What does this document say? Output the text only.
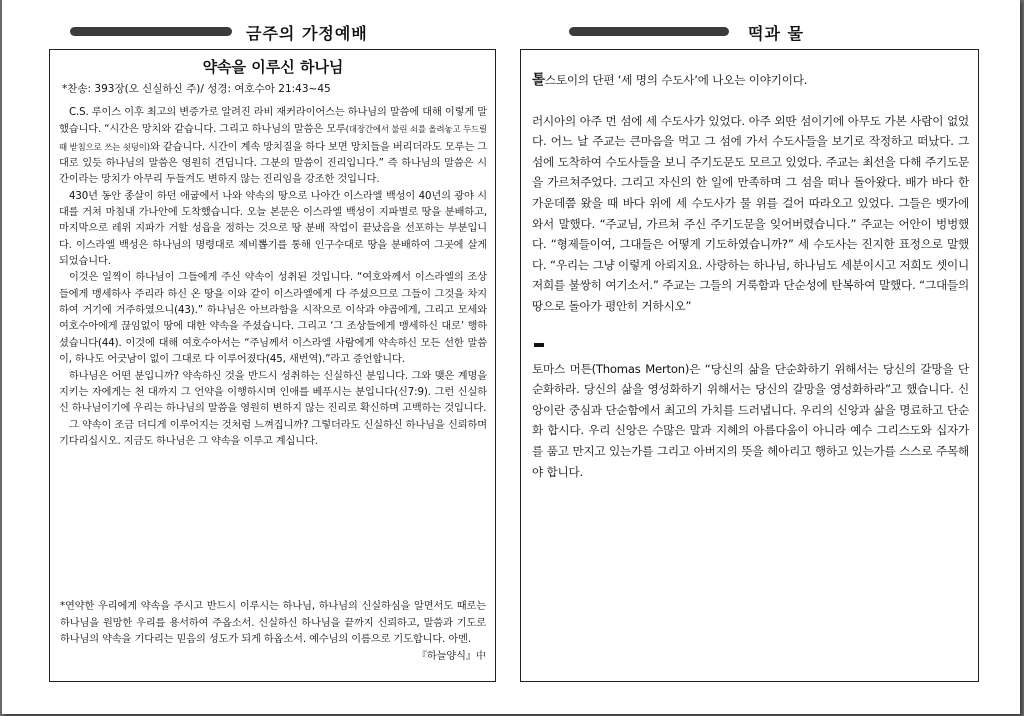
금주의 가정예배	떡과 물
약속을 이루신 하나님
*찬송: 393장(오 신실하신 주)/ 성경: 여호수아 21:43~45

C.S. 루이스 이후 최고의 변증가로 알려진 라비 재커라이어스는 하나님의 말씀에 대해 이렇게 말했습니다. “시간은 망치와 같습니다. 그리고 하나님의 말씀은 모루(대장간에서 불린 쇠를 올려놓고 두드릴 때 받침으로 쓰는 쇳덩이)와 같습니다. 시간이 계속 망치질을 하다 보면 망치들을 버리더라도 모루는 그대로 있듯 하나님의 말씀은 영원히 견딥니다. 그분의 말씀이 진리입니다.” 즉 하나님의 말씀은 시간이라는 망치가 아무리 두들겨도 변하지 않는 진리임을 강조한 것입니다.

430년 동안 종살이 하던 애굽에서 나와 약속의 땅으로 나아간 이스라엘 백성이 40년의 광야 시대를 거쳐 마침내 가나안에 도착했습니다. 오늘 본문은 이스라엘 백성이 지파별로 땅을 분배하고, 마지막으로 레위 지파가 거할 성읍을 정하는 것으로 땅 분배 작업이 끝났음을 선포하는 부분입니다. 이스라엘 백성은 하나님의 명령대로 제비뽑기를 통해 인구수대로 땅을 분배하여 그곳에 살게 되었습니다.

이것은 일찍이 하나님이 그들에게 주신 약속이 성취된 것입니다. “여호와께서 이스라엘의 조상들에게 맹세하사 주리라 하신 온 땅을 이와 같이 이스라엘에게 다 주셨으므로 그들이 그것을 차지하여 거기에 거주하였으니(43).” 하나님은 아브라함을 시작으로 이삭과 야곱에게, 그리고 모세와 여호수아에게 끊임없이 땅에 대한 약속을 주셨습니다. 그리고 ‘그 조상들에게 맹세하신 대로’ 행하셨습니다(44). 이것에 대해 여호수아서는 “주님께서 이스라엘 사람에게 약속하신 모든 선한 말씀이, 하나도 어긋남이 없이 그대로 다 이루어졌다(45, 새번역).”라고 증언합니다.

하나님은 어떤 분입니까? 약속하신 것을 반드시 성취하는 신실하신 분입니다. 그와 맺은 계명을 지키는 자에게는 천 대까지 그 언약을 이행하시며 인애를 베푸시는 분입니다(신7:9). 그런 신실하신 하나님이기에 우리는 하나님의 말씀을 영원히 변하지 않는 진리로 확신하며 고백하는 것입니다.

그 약속이 조금 더디게 이루어지는 것처럼 느껴집니까? 그렇더라도 신실하신 하나님을 신뢰하며 기다리십시오. 지금도 하나님은 그 약속을 이루고 계십니다.

*연약한 우리에게 약속을 주시고 반드시 이루시는 하나님, 하나님의 신실하심을 알면서도 때로는 하나님을 원망한 우리를 용서하여 주옵소서. 신실하신 하나님을 끝까지 신뢰하고, 말씀과 기도로 하나님의 약속을 기다리는 믿음의 성도가 되게 하옵소서. 예수님의 이름으로 기도합니다. 아멘.
『하늘양식』中

톨스토이의 단편 ‘세 명의 수도사’에 나오는 이야기이다.

러시아의 아주 먼 섬에 세 수도사가 있었다. 아주 외딴 섬이기에 아무도 가본 사람이 없었다. 어느 날 주교는 큰마음을 먹고 그 섬에 가서 수도사들을 보기로 작정하고 떠났다. 그 섬에 도착하여 수도사들을 보니 주기도문도 모르고 있었다. 주교는 최선을 다해 주기도문을 가르쳐주었다. 그리고 자신의 한 일에 만족하며 그 섬을 떠나 돌아왔다. 배가 바다 한 가운데쯤 왔을 때 바다 위에 세 수도사가 물 위를 걸어 따라오고 있었다. 그들은 뱃가에 와서 말했다. “주교님, 가르쳐 주신 주기도문을 잊어버렸습니다.” 주교는 어안이 벙벙했다. “형제들이여, 그대들은 어떻게 기도하였습니까?” 세 수도사는 진지한 표정으로 말했다. “우리는 그냥 이렇게 아뢰지요. 사랑하는 하나님, 하나님도 세분이시고 저희도 셋이니 저희를 불쌍히 여기소서.” 주교는 그들의 거룩함과 단순성에 탄복하여 말했다. “그대들의 땅으로 돌아가 평안히 거하시오”

토마스 머튼(Thomas Merton)은 “당신의 삶을 단순화하기 위해서는 당신의 갈망을 단순화하라. 당신의 삶을 영성화하기 위해서는 당신의 갈망을 영성화하라”고 했습니다. 신앙이란 중심과 단순함에서 최고의 가치를 드러냅니다. 우리의 신앙과 삶을 명료하고 단순화 합시다. 우리 신앙은 수많은 말과 지혜의 아름다움이 아니라 예수 그리스도와 십자가를 품고 만지고 있는가를 그리고 아버지의 뜻을 헤아리고 행하고 있는가를 스스로 주목해야 합니다.
